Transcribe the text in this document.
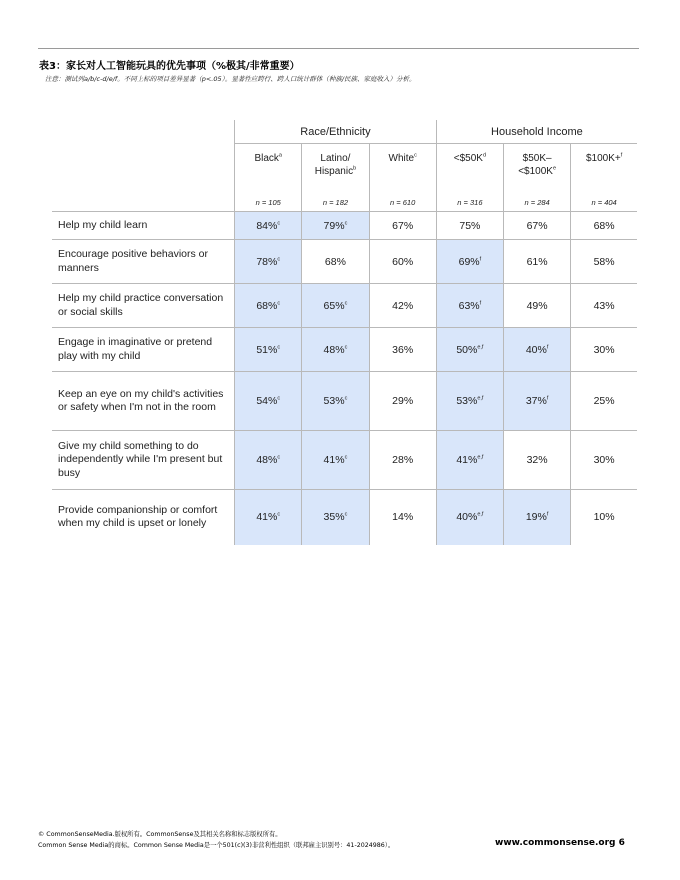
表3：家长对人工智能玩具的优先事项（%极其/非常重要）
注意：测试列a/b/c-d/e/f。不同上标的项目差异显著（p<.05）。显著性应跨行、跨人口统计群体（种族/民族、家庭收入）分析。
	Race/Ethnicity			Household Income		
	Black$^a$	Latino/
Hispanic$^b$	White$^c$	$<\$50K^d$	$50K–
$<\$100K^e$	$100K+$^f$
	n = 105	n = 182	n = 610	n = 316	n = 284	n = 404
Help my child learn	84%$^c$	79%$^c$	67%	75%	67%	68%
Encourage positive behaviors or manners	78%$^c$	68%	60%	69%$^f$	61%	58%
Help my child practice conversation or social skills	68%$^c$	65%$^c$	42%	63%$^f$	49%	43%
Engage in imaginative or pretend play with my child	51%$^c$	48%$^c$	36%	50%$^{e,f}$	40%$^f$	30%
Keep an eye on my child's activities or safety when I'm not in the room	54%$^c$	53%$^c$	29%	53%$^{e,f}$	37%$^f$	25%
Give my child something to do independently while I'm present but busy	48%$^c$	41%$^c$	28%	41%$^{e,f}$	32%	30%
Provide companionship or comfort when my child is upset or lonely	41%$^c$	35%$^c$	14%	40%$^{e,f}$	19%$^f$	10%
© CommonSenseMedia.版权所有。CommonSense及其相关名称和标志版权所有。
Common Sense Media的商标。Common Sense Media是一个501(c)(3)非营利性组织（联邦雇主识别号：41-2024986）。	www.commonsense.org 6
